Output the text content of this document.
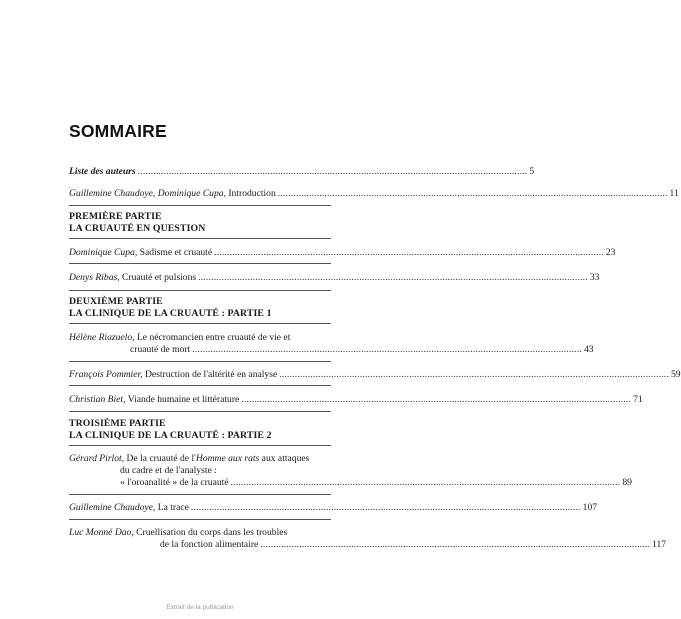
SOMMAIRE
Liste des auteurs ...................................................................................................................................................... 5
Guillemine Chaudoye, Dominique Cupa, Introduction ...................................................................................................................................................... 11
PREMIÈRE PARTIE
LA CRUAUTÉ EN QUESTION
Dominique Cupa, Sadisme et cruauté ...................................................................................................................................................... 23
Denys Ribas, Cruauté et pulsions ...................................................................................................................................................... 33
DEUXIÈME PARTIE
LA CLINIQUE DE LA CRUAUTÉ : PARTIE 1
Hélène Riazuelo, Le nécromancien entre cruauté de vie et
cruauté de mort ...................................................................................................................................................... 43
François Pommier, Destruction de l'altérité en analyse ...................................................................................................................................................... 59
Christian Biet, Viande humaine et littérature ...................................................................................................................................................... 71
TROISIÈME PARTIE
LA CLINIQUE DE LA CRUAUTÉ : PARTIE 2
Gérard Pirlot, De la cruauté de l'Homme aux rats aux attaques
du cadre et de l'analyste :
« l'oroanalité » de la cruauté ...................................................................................................................................................... 89
Guillemine Chaudoye, La trace ...................................................................................................................................................... 107
Luc Monné Dao, Cruellisation du corps dans les troubles
de la fonction alimentaire ...................................................................................................................................................... 117
Extrait de la publication
